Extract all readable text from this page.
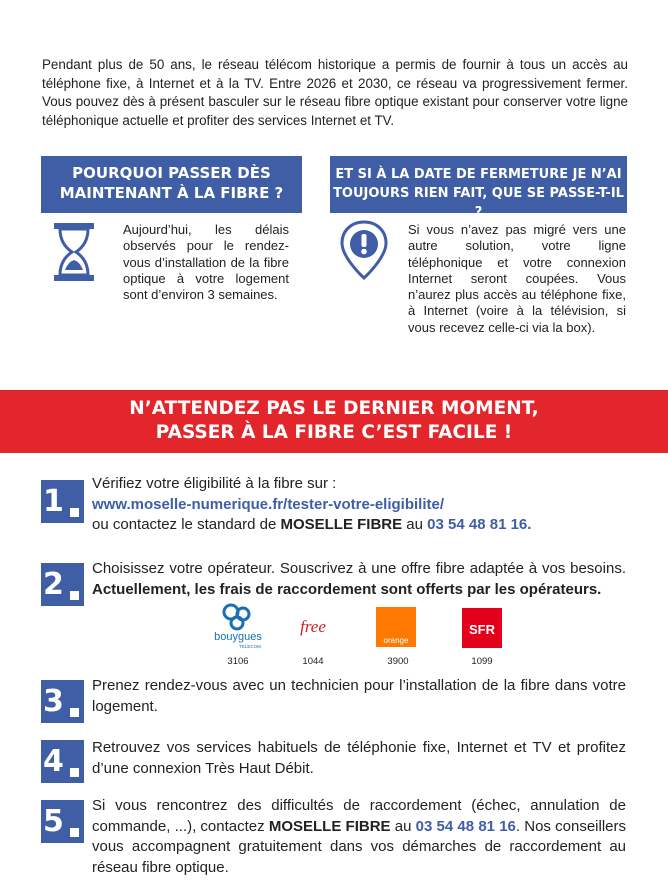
Pendant plus de 50 ans, le réseau télécom historique a permis de fournir à tous un accès au téléphone fixe, à Internet et à la TV. Entre 2026 et 2030, ce réseau va progressivement fermer. Vous pouvez dès à présent basculer sur le réseau fibre optique existant pour conserver votre ligne téléphonique actuelle et profiter des services Internet et TV.
POURQUOI PASSER DÈS
MAINTENANT À LA FIBRE ?
Aujourd’hui, les délais observés pour le rendez-vous d’installation de la fibre optique à votre logement sont d’environ 3 semaines.
ET SI À LA DATE DE FERMETURE JE N’AI
TOUJOURS RIEN FAIT, QUE SE PASSE-T-IL ?
Si vous n’avez pas migré vers une autre solution, votre ligne téléphonique et votre connexion Internet seront coupées. Vous n’aurez plus accès au téléphone fixe, à Internet (voire à la télévision, si vous recevez celle-ci via la box).
N’ATTENDEZ PAS LE DERNIER MOMENT,
PASSER À LA FIBRE C’EST FACILE !
1
Vérifiez votre éligibilité à la fibre sur :
www.moselle-numerique.fr/tester-votre-eligibilite/
ou contactez le standard de MOSELLE FIBRE au 03 54 48 81 16.
2	Choisissez votre opérateur. Souscrivez à une offre fibre adaptée à vos besoins. Actuellement, les frais de raccordement sont offerts par les opérateurs.
bouygues
TELECOM
free
orange
SFR
3106	1044	3900	1099
3	Prenez rendez-vous avec un technicien pour l’installation de la fibre dans votre logement.
4	Retrouvez vos services habituels de téléphonie fixe, Internet et TV et profitez d’une connexion Très Haut Débit.
5	Si vous rencontrez des difficultés de raccordement (échec, annulation de commande, ...), contactez MOSELLE FIBRE au 03 54 48 81 16. Nos conseillers vous accompagnent gratuitement dans vos démarches de raccordement au réseau fibre optique.
